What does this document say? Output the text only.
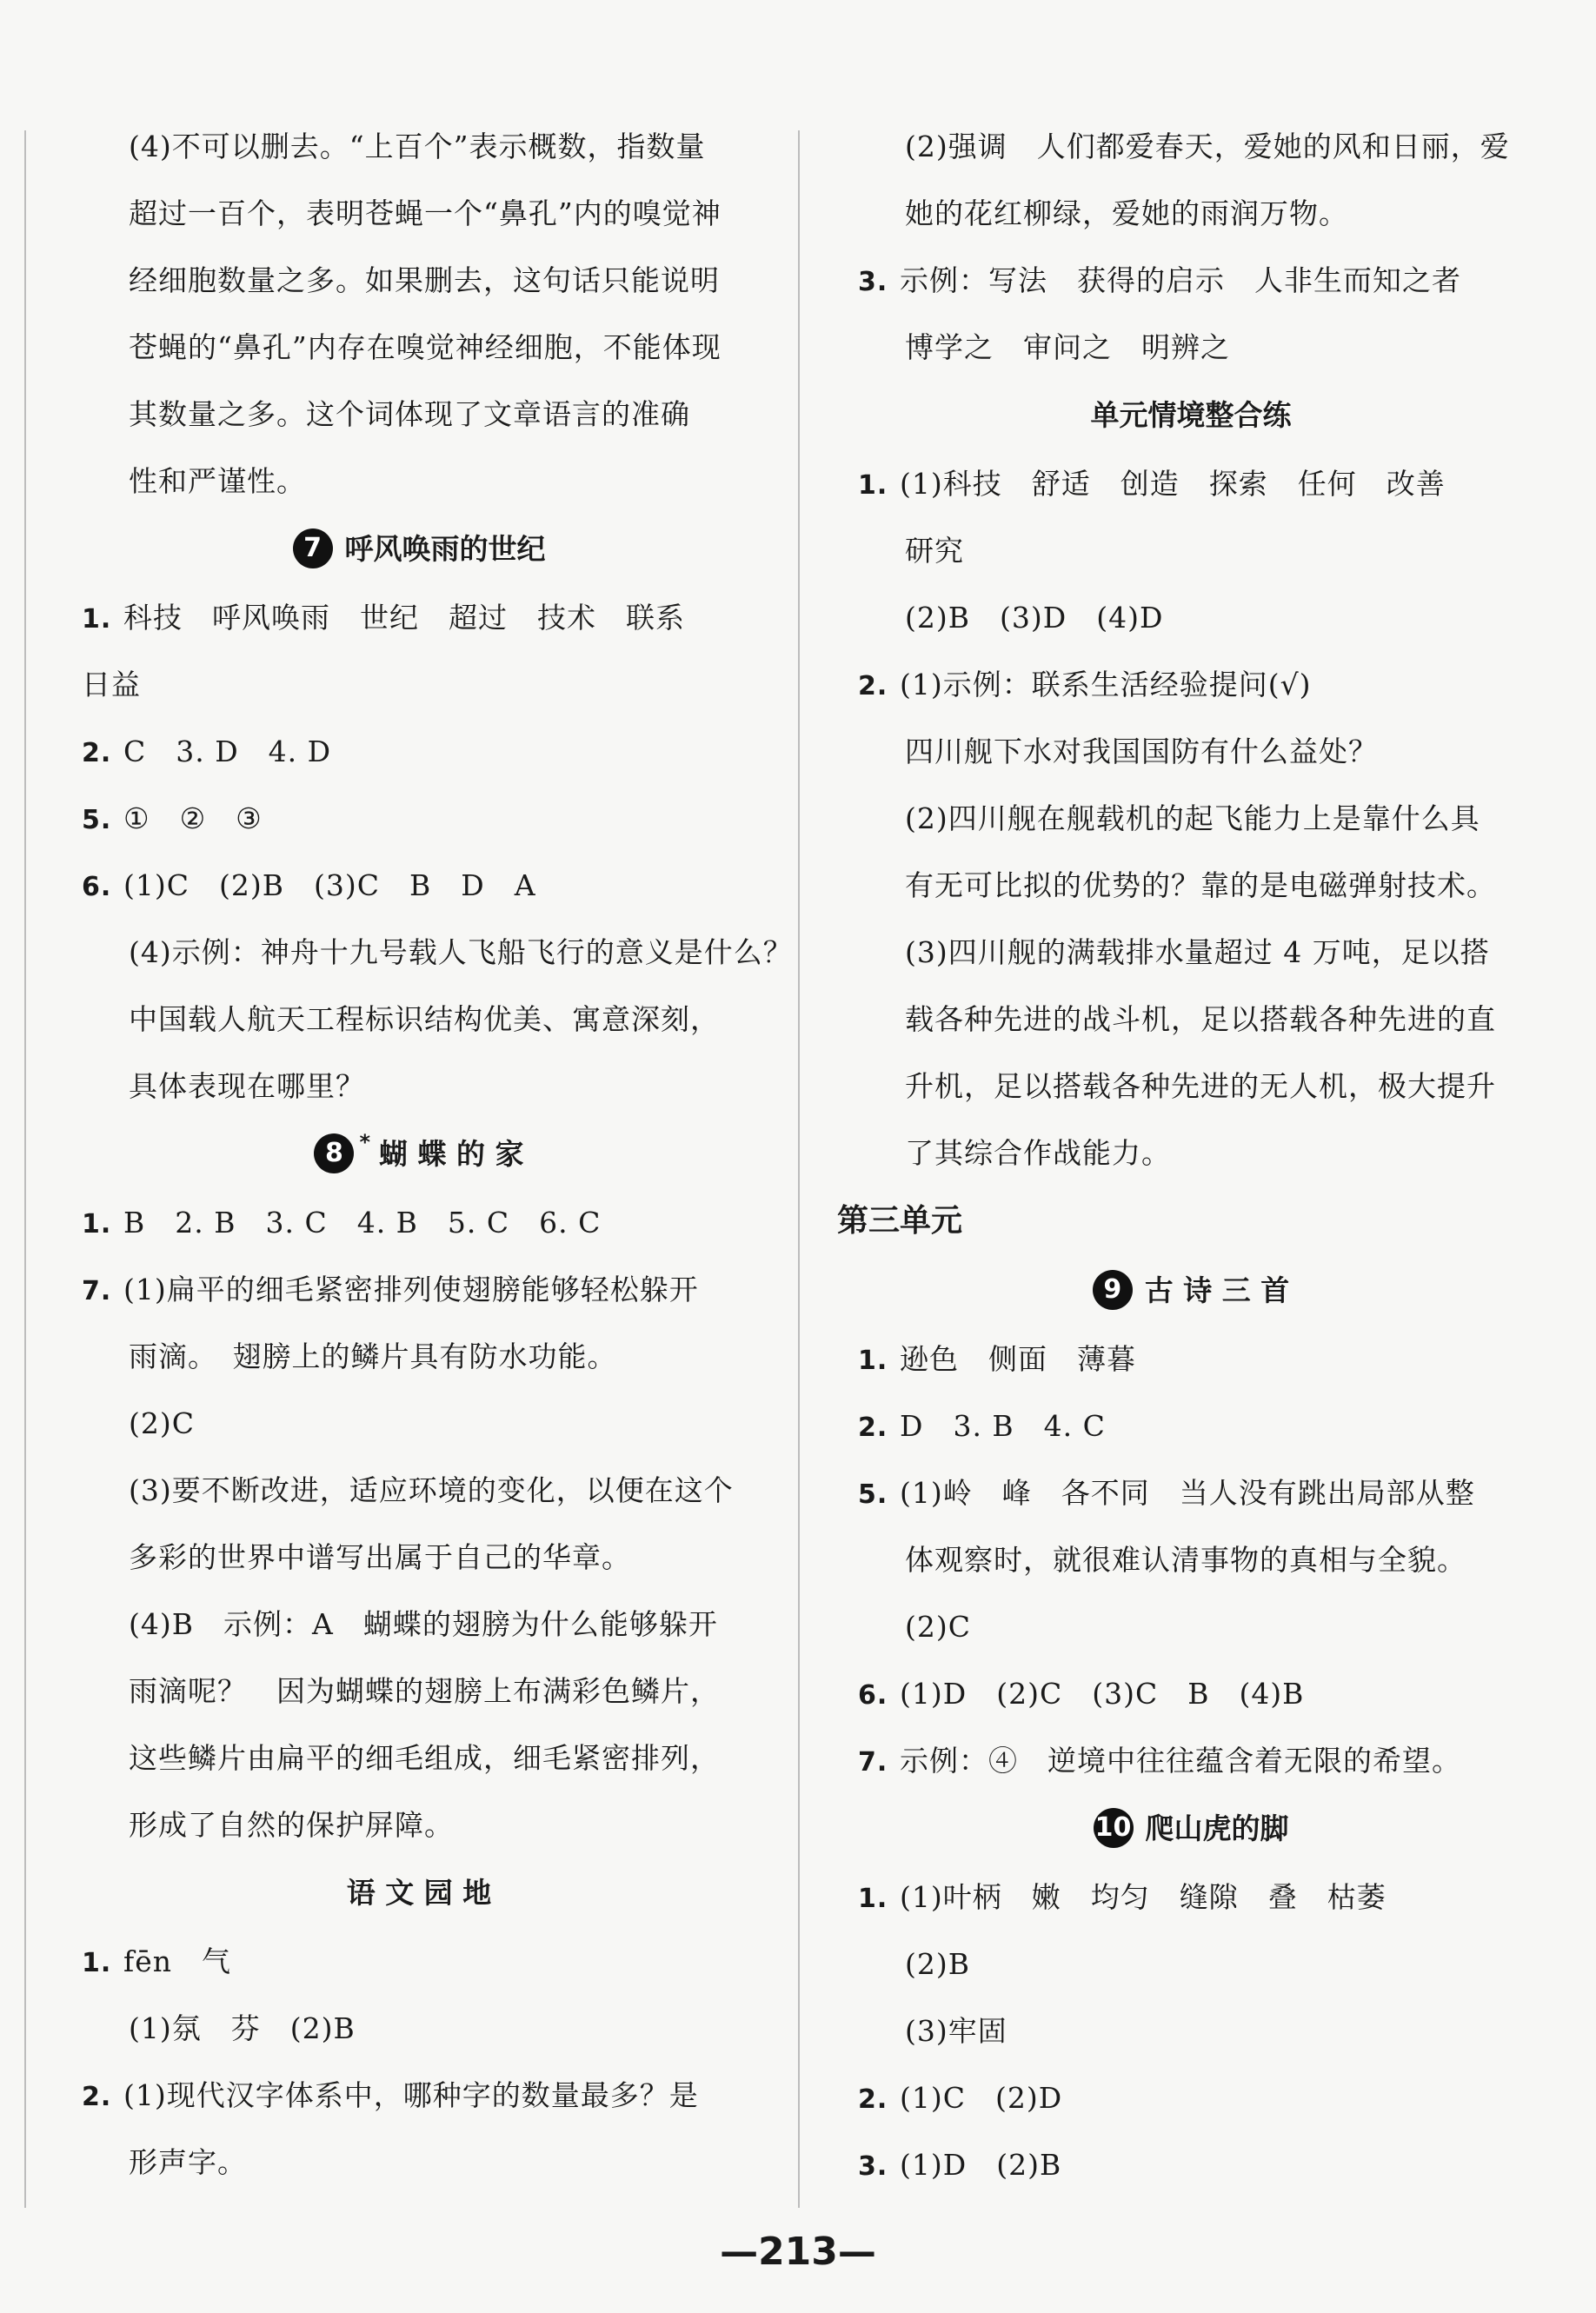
(4)不可以删去。“上百个”表示概数，指数量
超过一百个，表明苍蝇一个“鼻孔”内的嗅觉神
经细胞数量之多。如果删去，这句话只能说明
苍蝇的“鼻孔”内存在嗅觉神经细胞，不能体现
其数量之多。这个词体现了文章语言的准确
性和严谨性。
7 呼风唤雨的世纪
1. 科技　呼风唤雨　世纪　超过　技术　联系
日益
2. C　3. D　4. D
5. ①　②　③
6. (1)C　(2)B　(3)C　B　D　A
(4)示例：神舟十九号载人飞船飞行的意义是什么？
中国载人航天工程标识结构优美、寓意深刻，
具体表现在哪里？
8 * 蝴 蝶 的 家
1. B　2. B　3. C　4. B　5. C　6. C
7. (1)扁平的细毛紧密排列使翅膀能够轻松躲开
雨滴。　翅膀上的鳞片具有防水功能。
(2)C
(3)要不断改进，适应环境的变化，以便在这个
多彩的世界中谱写出属于自己的华章。
(4)B　示例：A　蝴蝶的翅膀为什么能够躲开
雨滴呢？　因为蝴蝶的翅膀上布满彩色鳞片，
这些鳞片由扁平的细毛组成，细毛紧密排列，
形成了自然的保护屏障。
语 文 园 地
1. fēn　气
(1)氛　芬　(2)B
2. (1)现代汉字体系中，哪种字的数量最多？是
形声字。
(2)强调　人们都爱春天，爱她的风和日丽，爱
她的花红柳绿，爱她的雨润万物。
3. 示例：写法　获得的启示　人非生而知之者
博学之　审问之　明辨之
单元情境整合练
1. (1)科技　舒适　创造　探索　任何　改善
研究
(2)B　(3)D　(4)D
2. (1)示例：联系生活经验提问(√)
四川舰下水对我国国防有什么益处？
(2)四川舰在舰载机的起飞能力上是靠什么具
有无可比拟的优势的？靠的是电磁弹射技术。
(3)四川舰的满载排水量超过 4 万吨，足以搭
载各种先进的战斗机，足以搭载各种先进的直
升机，足以搭载各种先进的无人机，极大提升
了其综合作战能力。
第三单元
9 古 诗 三 首
1. 逊色　侧面　薄暮
2. D　3. B　4. C
5. (1)岭　峰　各不同　当人没有跳出局部从整
体观察时，就很难认清事物的真相与全貌。
(2)C
6. (1)D　(2)C　(3)C　B　(4)B
7. 示例：④　逆境中往往蕴含着无限的希望。
10 爬山虎的脚
1. (1)叶柄　嫩　均匀　缝隙　叠　枯萎
(2)B
(3)牢固
2. (1)C　(2)D
3. (1)D　(2)B
—213—
